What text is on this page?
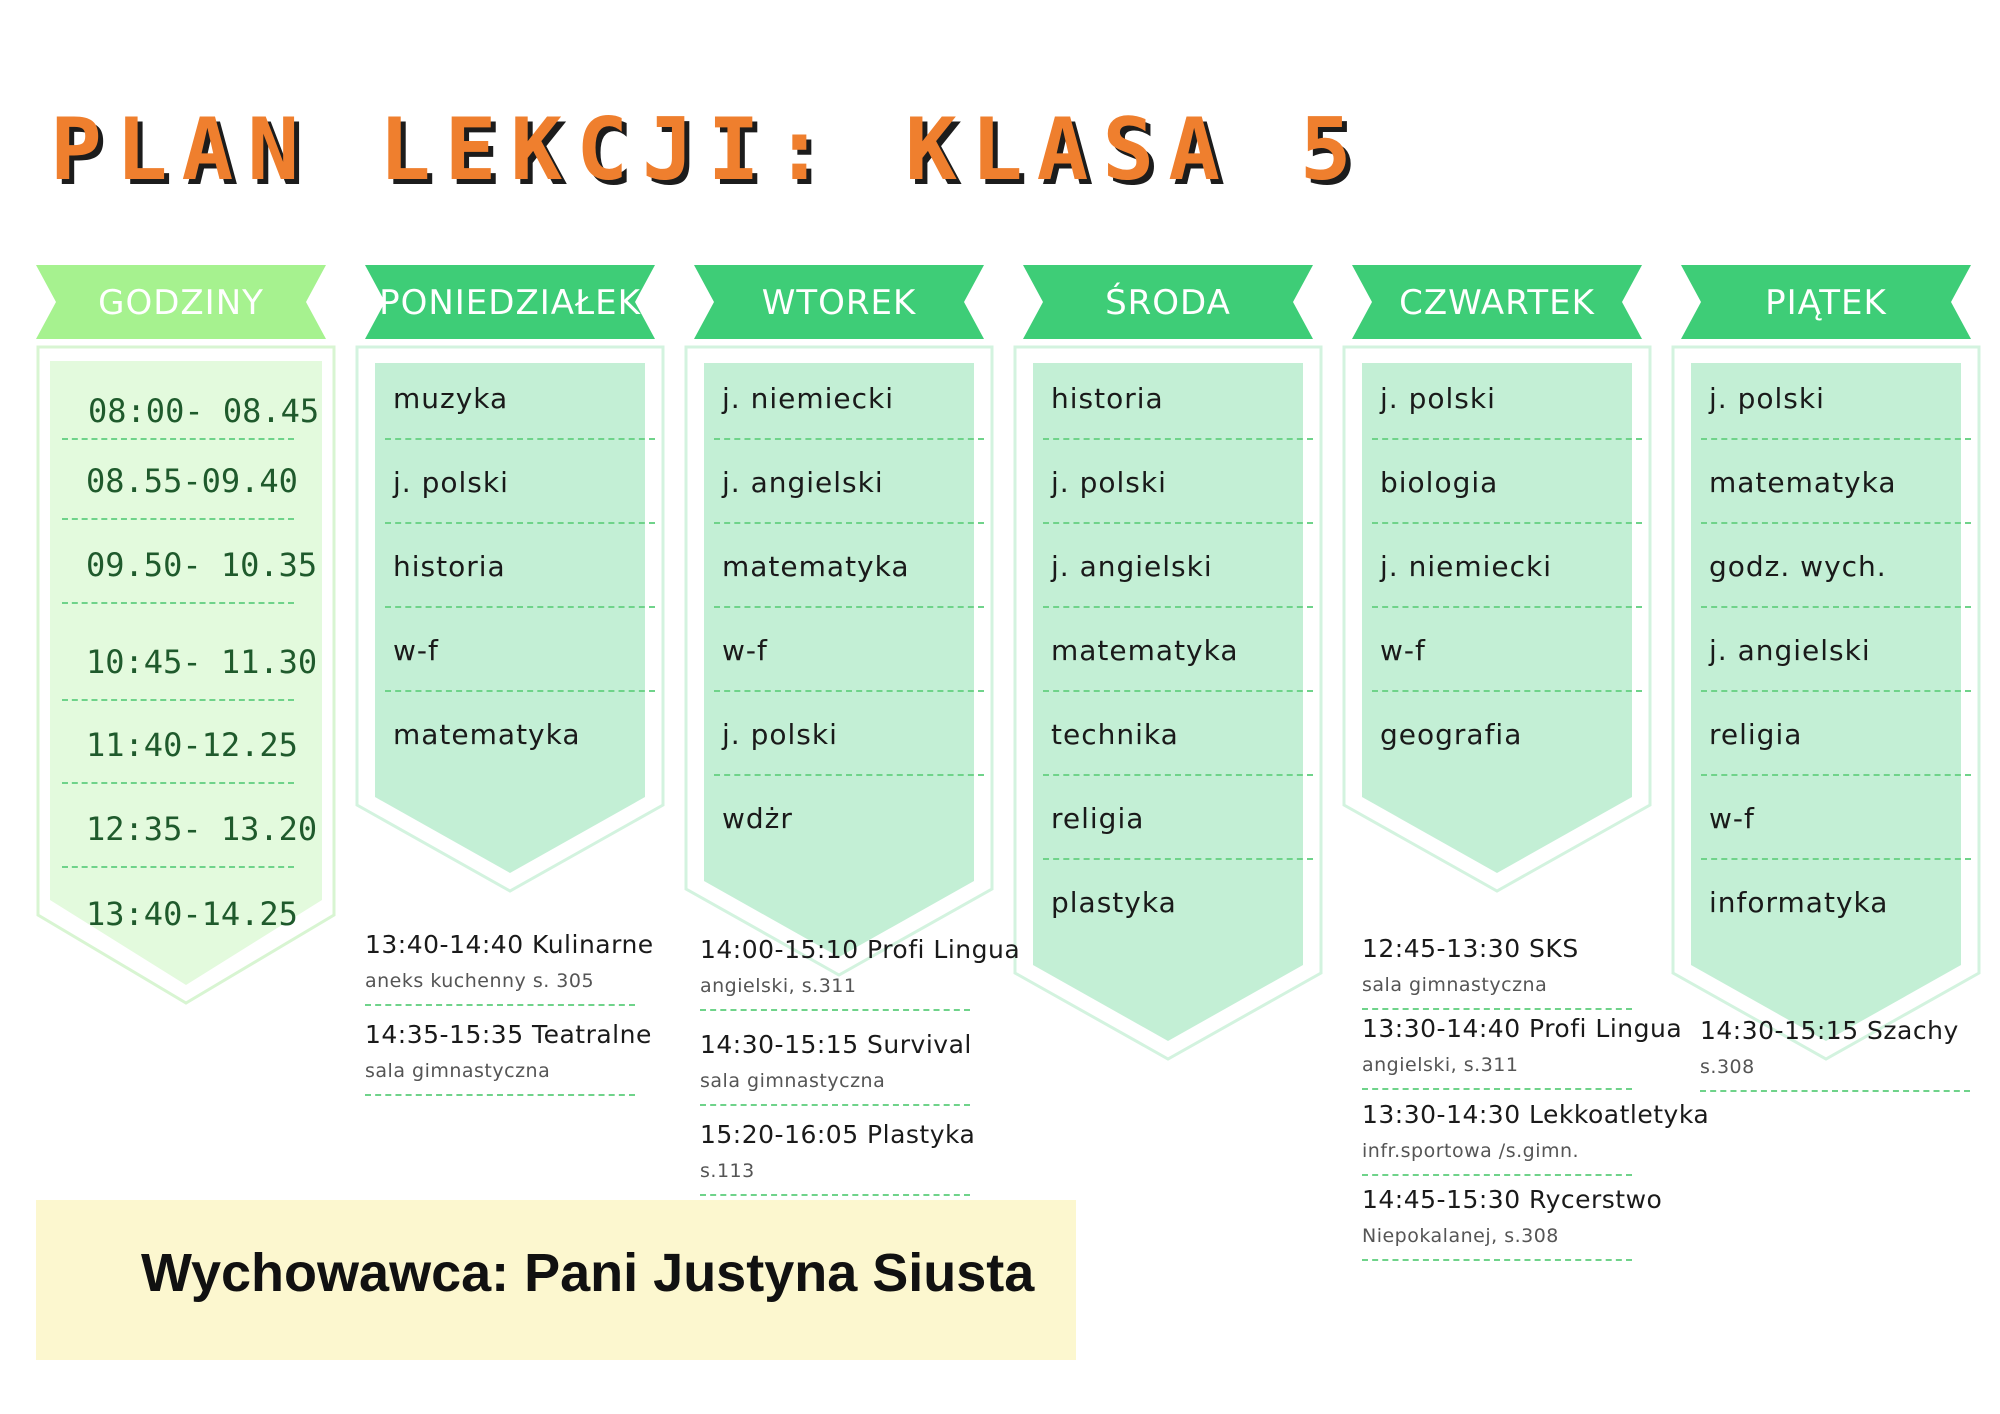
PLAN LEKCJI: KLASA 5
GODZINY
08:00- 08.45
08.55-09.40
09.50- 10.35
10:45- 11.30
11:40-12.25
12:35- 13.20
13:40-14.25
PONIEDZIAŁEK
muzyka
j. polski
historia
w-f
matematyka
WTOREK
j. niemiecki
j. angielski
matematyka
w-f
j. polski
wdżr
ŚRODA
historia
j. polski
j. angielski
matematyka
technika
religia
plastyka
CZWARTEK
j. polski
biologia
j. niemiecki
w-f
geografia
PIĄTEK
j. polski
matematyka
godz. wych.
j. angielski
religia
w-f
informatyka
13:40-14:40 Kulinarne
aneks kuchenny s. 305
14:35-15:35 Teatralne
sala gimnastyczna
14:00-15:10 Profi Lingua
angielski, s.311
14:30-15:15 Survival
sala gimnastyczna
15:20-16:05 Plastyka
s.113
12:45-13:30 SKS
sala gimnastyczna
13:30-14:40 Profi Lingua
angielski, s.311
13:30-14:30 Lekkoatletyka
infr.sportowa /s.gimn.
14:45-15:30 Rycerstwo
Niepokalanej, s.308
14:30-15:15 Szachy
s.308
Wychowawca: Pani Justyna Siusta
